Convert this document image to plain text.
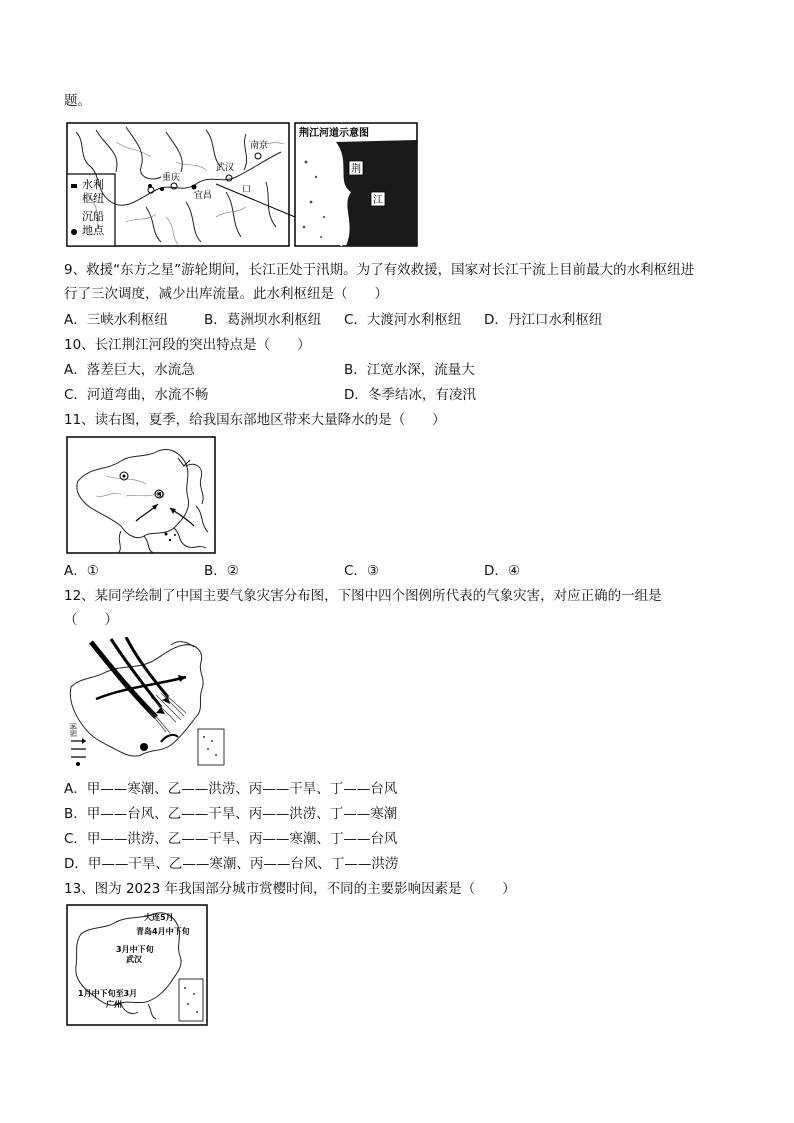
题。
水利
枢纽
沉船
地点
南京
武汉
宜昌
重庆
口
荆江河道示意图
荆
江
9、救援“东方之星”游轮期间，长江正处于汛期。为了有效救援，国家对长江干流上目前最大的水利枢纽进
行了三次调度，减少出库流量。此水利枢纽是（　　）
A．三峡水利枢纽	B．葛洲坝水利枢纽 C．大渡河水利枢纽 D．丹江口水利枢纽
10、长江荆江河段的突出特点是（　　）
A．落差巨大，水流急	B．江宽水深，流量大
C．河道弯曲，水流不畅	D．冬季结冰，有凌汛
11、读右图，夏季，给我国东部地区带来大量降水的是（　　）
①
A．①	B．②	C．③	D．④
12、某同学绘制了中国主要气象灾害分布图，下图中四个图例所代表的气象灾害，对应正确的一组是
（　　）
图例
A．甲——寒潮、乙——洪涝、丙——干旱、丁——台风
B．甲——台风、乙——干旱、丙——洪涝、丁——寒潮
C．甲——洪涝、乙——干旱、丙——寒潮、丁——台风
D．甲——干旱、乙——寒潮、丙——台风、丁——洪涝
13、图为 2023 年我国部分城市赏樱时间，不同的主要影响因素是（　　）
大连5月
青岛4月中下旬
3月中下旬
武汉
1月中下旬至3月
广州
